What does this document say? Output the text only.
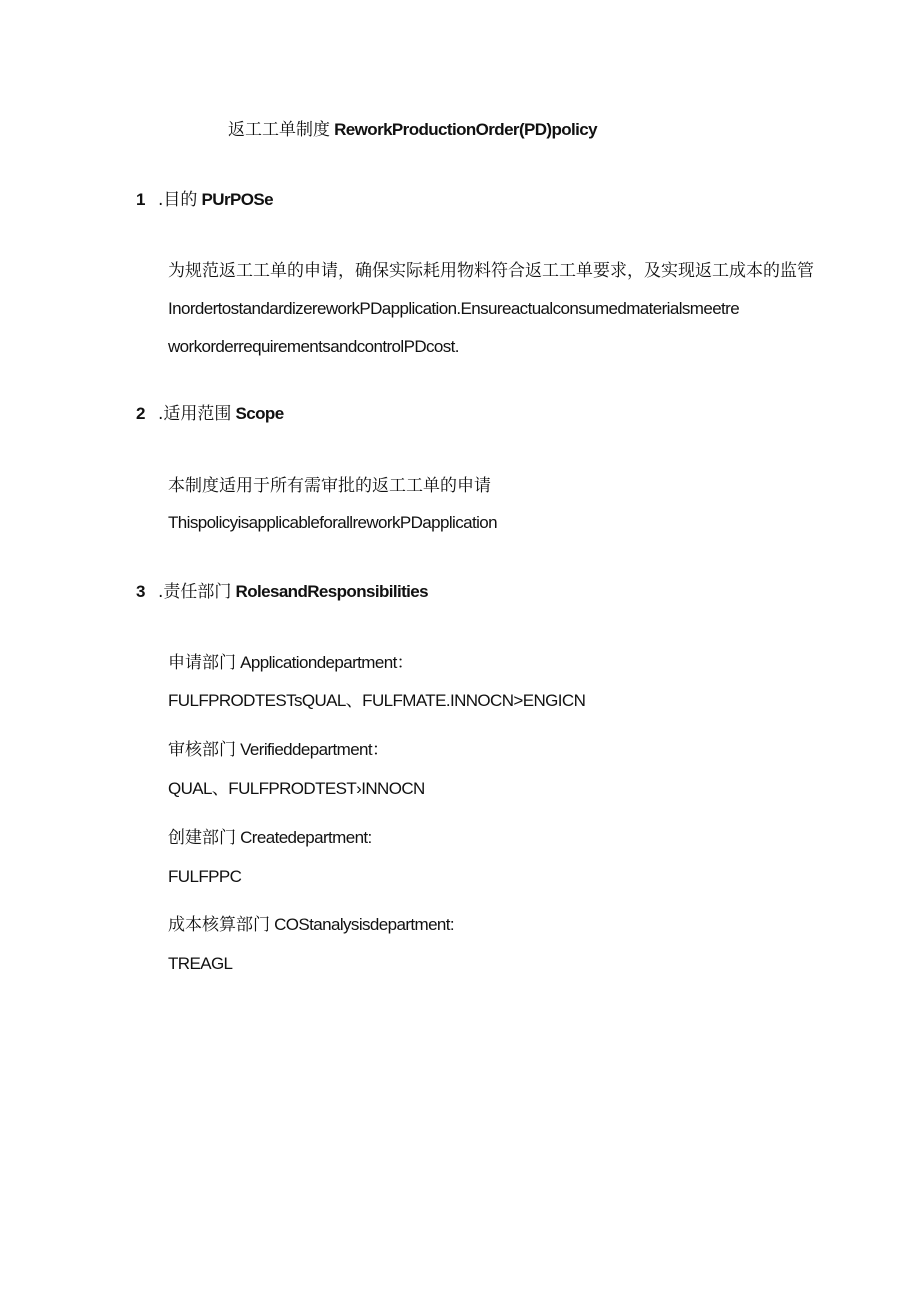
返工工单制度 ReworkProductionOrder(PD)policy
1 .目的 PUrPOSe
为规范返工工单的申请，确保实际耗用物料符合返工工单要求，及实现返工成本的监管
InordertostandardizereworkPDapplication.Ensureactualconsumedmaterialsmeetre
workorderrequirementsandcontrolPDcost.
2 .适用范围 Scope
本制度适用于所有需审批的返工工单的申请
ThispolicyisapplicableforallreworkPDapplication
3 .责任部门 RolesandResponsibilities
申请部门 Applicationdepartment：
FULFPRODTESTsQUAL、FULFMATE.INNOCN>ENGICN
审核部门 Verifieddepartment：
QUAL、FULFPRODTEST›INNOCN
创建部门 Createdepartment:
FULFPPC
成本核算部门 COStanalysisdepartment:
TREAGL
